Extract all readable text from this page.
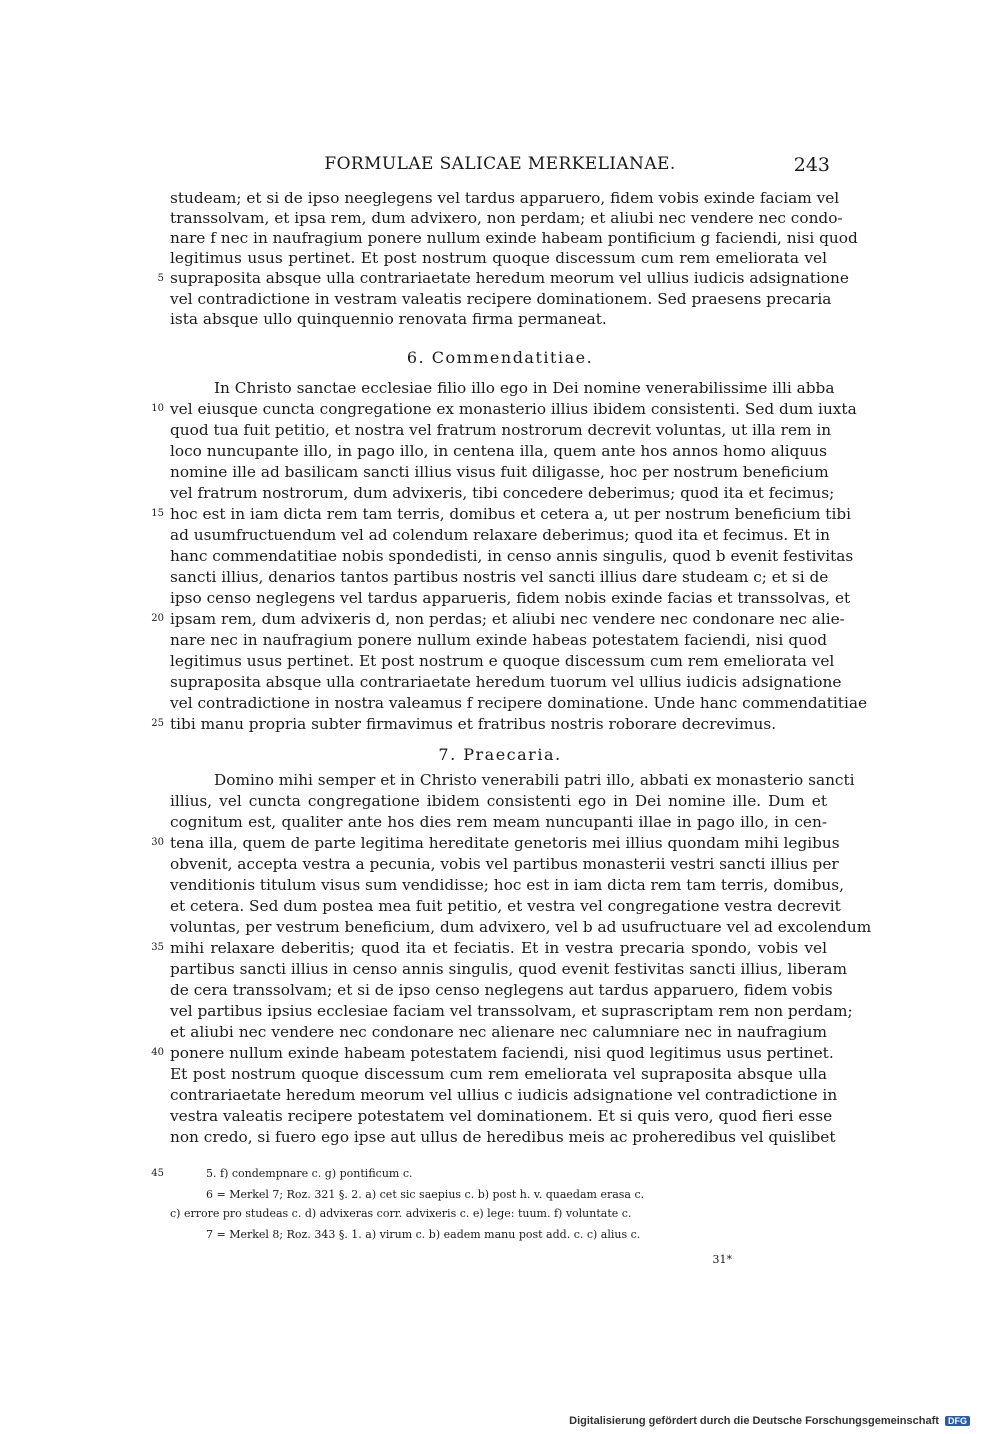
FORMULAE SALICAE MERKELIANAE.	243
studeam; et si de ipso neeglegens vel tardus apparuero, fidem vobis exinde faciam vel
transsolvam, et ipsa rem, dum advixero, non perdam; et aliubi nec vendere nec condo-
nare f nec in naufragium ponere nullum exinde habeam pontificium g faciendi, nisi quod
legitimus usus pertinet. Et post nostrum quoque discessum cum rem emeliorata vel
supraposita absque ulla contrariaetate heredum meorum vel ullius iudicis adsignatione
vel contradictione in vestram valeatis recipere dominationem. Sed praesens precaria
ista absque ullo quinquennio renovata firma permaneat.
5
6. Commendatitiae.
In Christo sanctae ecclesiae filio illo ego in Dei nomine venerabilissime illi abba
vel eiusque cuncta congregatione ex monasterio illius ibidem consistenti. Sed dum iuxta
quod tua fuit petitio, et nostra vel fratrum nostrorum decrevit voluntas, ut illa rem in
loco nuncupante illo, in pago illo, in centena illa, quem ante hos annos homo aliquus
nomine ille ad basilicam sancti illius visus fuit diligasse, hoc per nostrum beneficium
vel fratrum nostrorum, dum advixeris, tibi concedere deberimus; quod ita et fecimus;
hoc est in iam dicta rem tam terris, domibus et cetera a, ut per nostrum beneficium tibi
ad usumfructuendum vel ad colendum relaxare deberimus; quod ita et fecimus. Et in
hanc commendatitiae nobis spondedisti, in censo annis singulis, quod b evenit festivitas
sancti illius, denarios tantos partibus nostris vel sancti illius dare studeam c; et si de
ipso censo neglegens vel tardus apparueris, fidem nobis exinde facias et transsolvas, et
ipsam rem, dum advixeris d, non perdas; et aliubi nec vendere nec condonare nec alie-
nare nec in naufragium ponere nullum exinde habeas potestatem faciendi, nisi quod
legitimus usus pertinet. Et post nostrum e quoque discessum cum rem emeliorata vel
supraposita absque ulla contrariaetate heredum tuorum vel ullius iudicis adsignatione
vel contradictione in nostra valeamus f recipere dominatione. Unde hanc commendatitiae
tibi manu propria subter firmavimus et fratribus nostris roborare decrevimus.
10
15
20
25
7. Praecaria.
Domino mihi semper et in Christo venerabili patri illo, abbati ex monasterio sancti
illius, vel cuncta congregatione ibidem consistenti ego in Dei nomine ille. Dum et
cognitum est, qualiter ante hos dies rem meam nuncupanti illae in pago illo, in cen-
tena illa, quem de parte legitima hereditate genetoris mei illius quondam mihi legibus
obvenit, accepta vestra a pecunia, vobis vel partibus monasterii vestri sancti illius per
venditionis titulum visus sum vendidisse; hoc est in iam dicta rem tam terris, domibus,
et cetera. Sed dum postea mea fuit petitio, et vestra vel congregatione vestra decrevit
voluntas, per vestrum beneficium, dum advixero, vel b ad usufructuare vel ad excolendum
mihi relaxare deberitis; quod ita et feciatis. Et in vestra precaria spondo, vobis vel
partibus sancti illius in censo annis singulis, quod evenit festivitas sancti illius, liberam
de cera transsolvam; et si de ipso censo neglegens aut tardus apparuero, fidem vobis
vel partibus ipsius ecclesiae faciam vel transsolvam, et suprascriptam rem non perdam;
et aliubi nec vendere nec condonare nec alienare nec calumniare nec in naufragium
ponere nullum exinde habeam potestatem faciendi, nisi quod legitimus usus pertinet.
Et post nostrum quoque discessum cum rem emeliorata vel supraposita absque ulla
contrariaetate heredum meorum vel ullius c iudicis adsignatione vel contradictione in
vestra valeatis recipere potestatem vel dominationem. Et si quis vero, quod fieri esse
non credo, si fuero ego ipse aut ullus de heredibus meis ac proheredibus vel quislibet
30
35
40
45	5. f) condempnare c. g) pontificum c.
6 = Merkel 7; Roz. 321 §. 2. a) cet sic saepius c. b) post h. v. quaedam erasa c.
c) errore pro studeas c. d) advixeras corr. advixeris c. e) lege: tuum. f) voluntate c.
7 = Merkel 8; Roz. 343 §. 1. a) virum c. b) eadem manu post add. c. c) alius c.
31*
Digitalisierung gefördert durch die Deutsche Forschungsgemeinschaft DFG
